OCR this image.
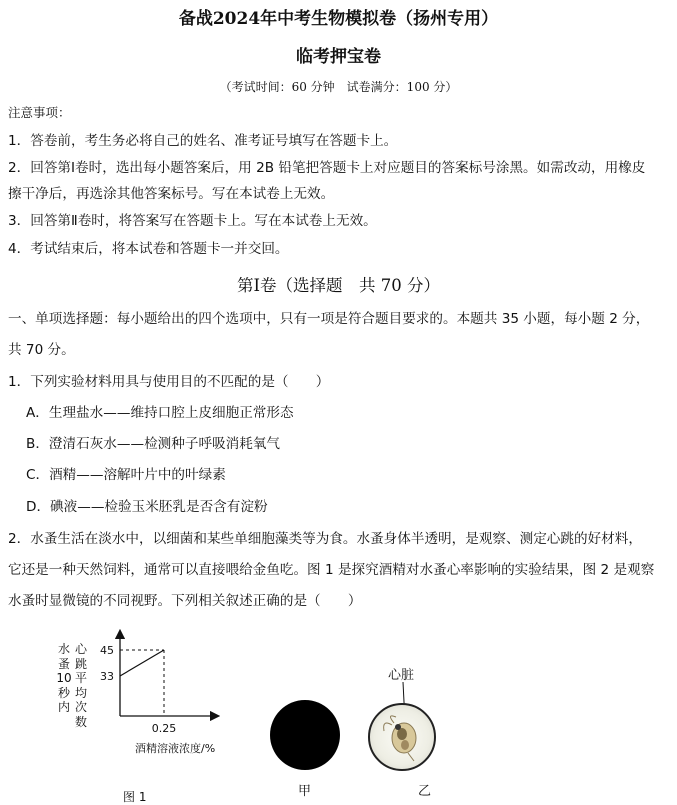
备战2024年中考生物模拟卷（扬州专用）
临考押宝卷
（考试时间：60 分钟　试卷满分：100 分）
注意事项：
1．答卷前，考生务必将自己的姓名、准考证号填写在答题卡上。
2．回答第Ⅰ卷时，选出每小题答案后，用 2B 铅笔把答题卡上对应题目的答案标号涂黑。如需改动，用橡皮
擦干净后，再选涂其他答案标号。写在本试卷上无效。
3．回答第Ⅱ卷时，将答案写在答题卡上。写在本试卷上无效。
4．考试结束后，将本试卷和答题卡一并交回。
第Ⅰ卷（选择题　共 70 分）
一、单项选择题：每小题给出的四个选项中，只有一项是符合题目要求的。本题共 35 小题，每小题 2 分，
共 70 分。
1．下列实验材料用具与使用目的不匹配的是（　　）
A．生理盐水——维持口腔上皮细胞正常形态
B．澄清石灰水——检测种子呼吸消耗氧气
C．酒精——溶解叶片中的叶绿素
D．碘液——检验玉米胚乳是否含有淀粉
2．水蚤生活在淡水中，以细菌和某些单细胞藻类等为食。水蚤身体半透明，是观察、测定心跳的好材料，
它还是一种天然饲料，通常可以直接喂给金鱼吃。图 1 是探究酒精对水蚤心率影响的实验结果，图 2 是观察
水蚤时显微镜的不同视野。下列相关叙述正确的是（　　）
水
蚤
10
秒
内
心
跳
平
均
次
数
33
45
0.25
酒精溶液浓度/%
图 1	甲
心脏
乙
